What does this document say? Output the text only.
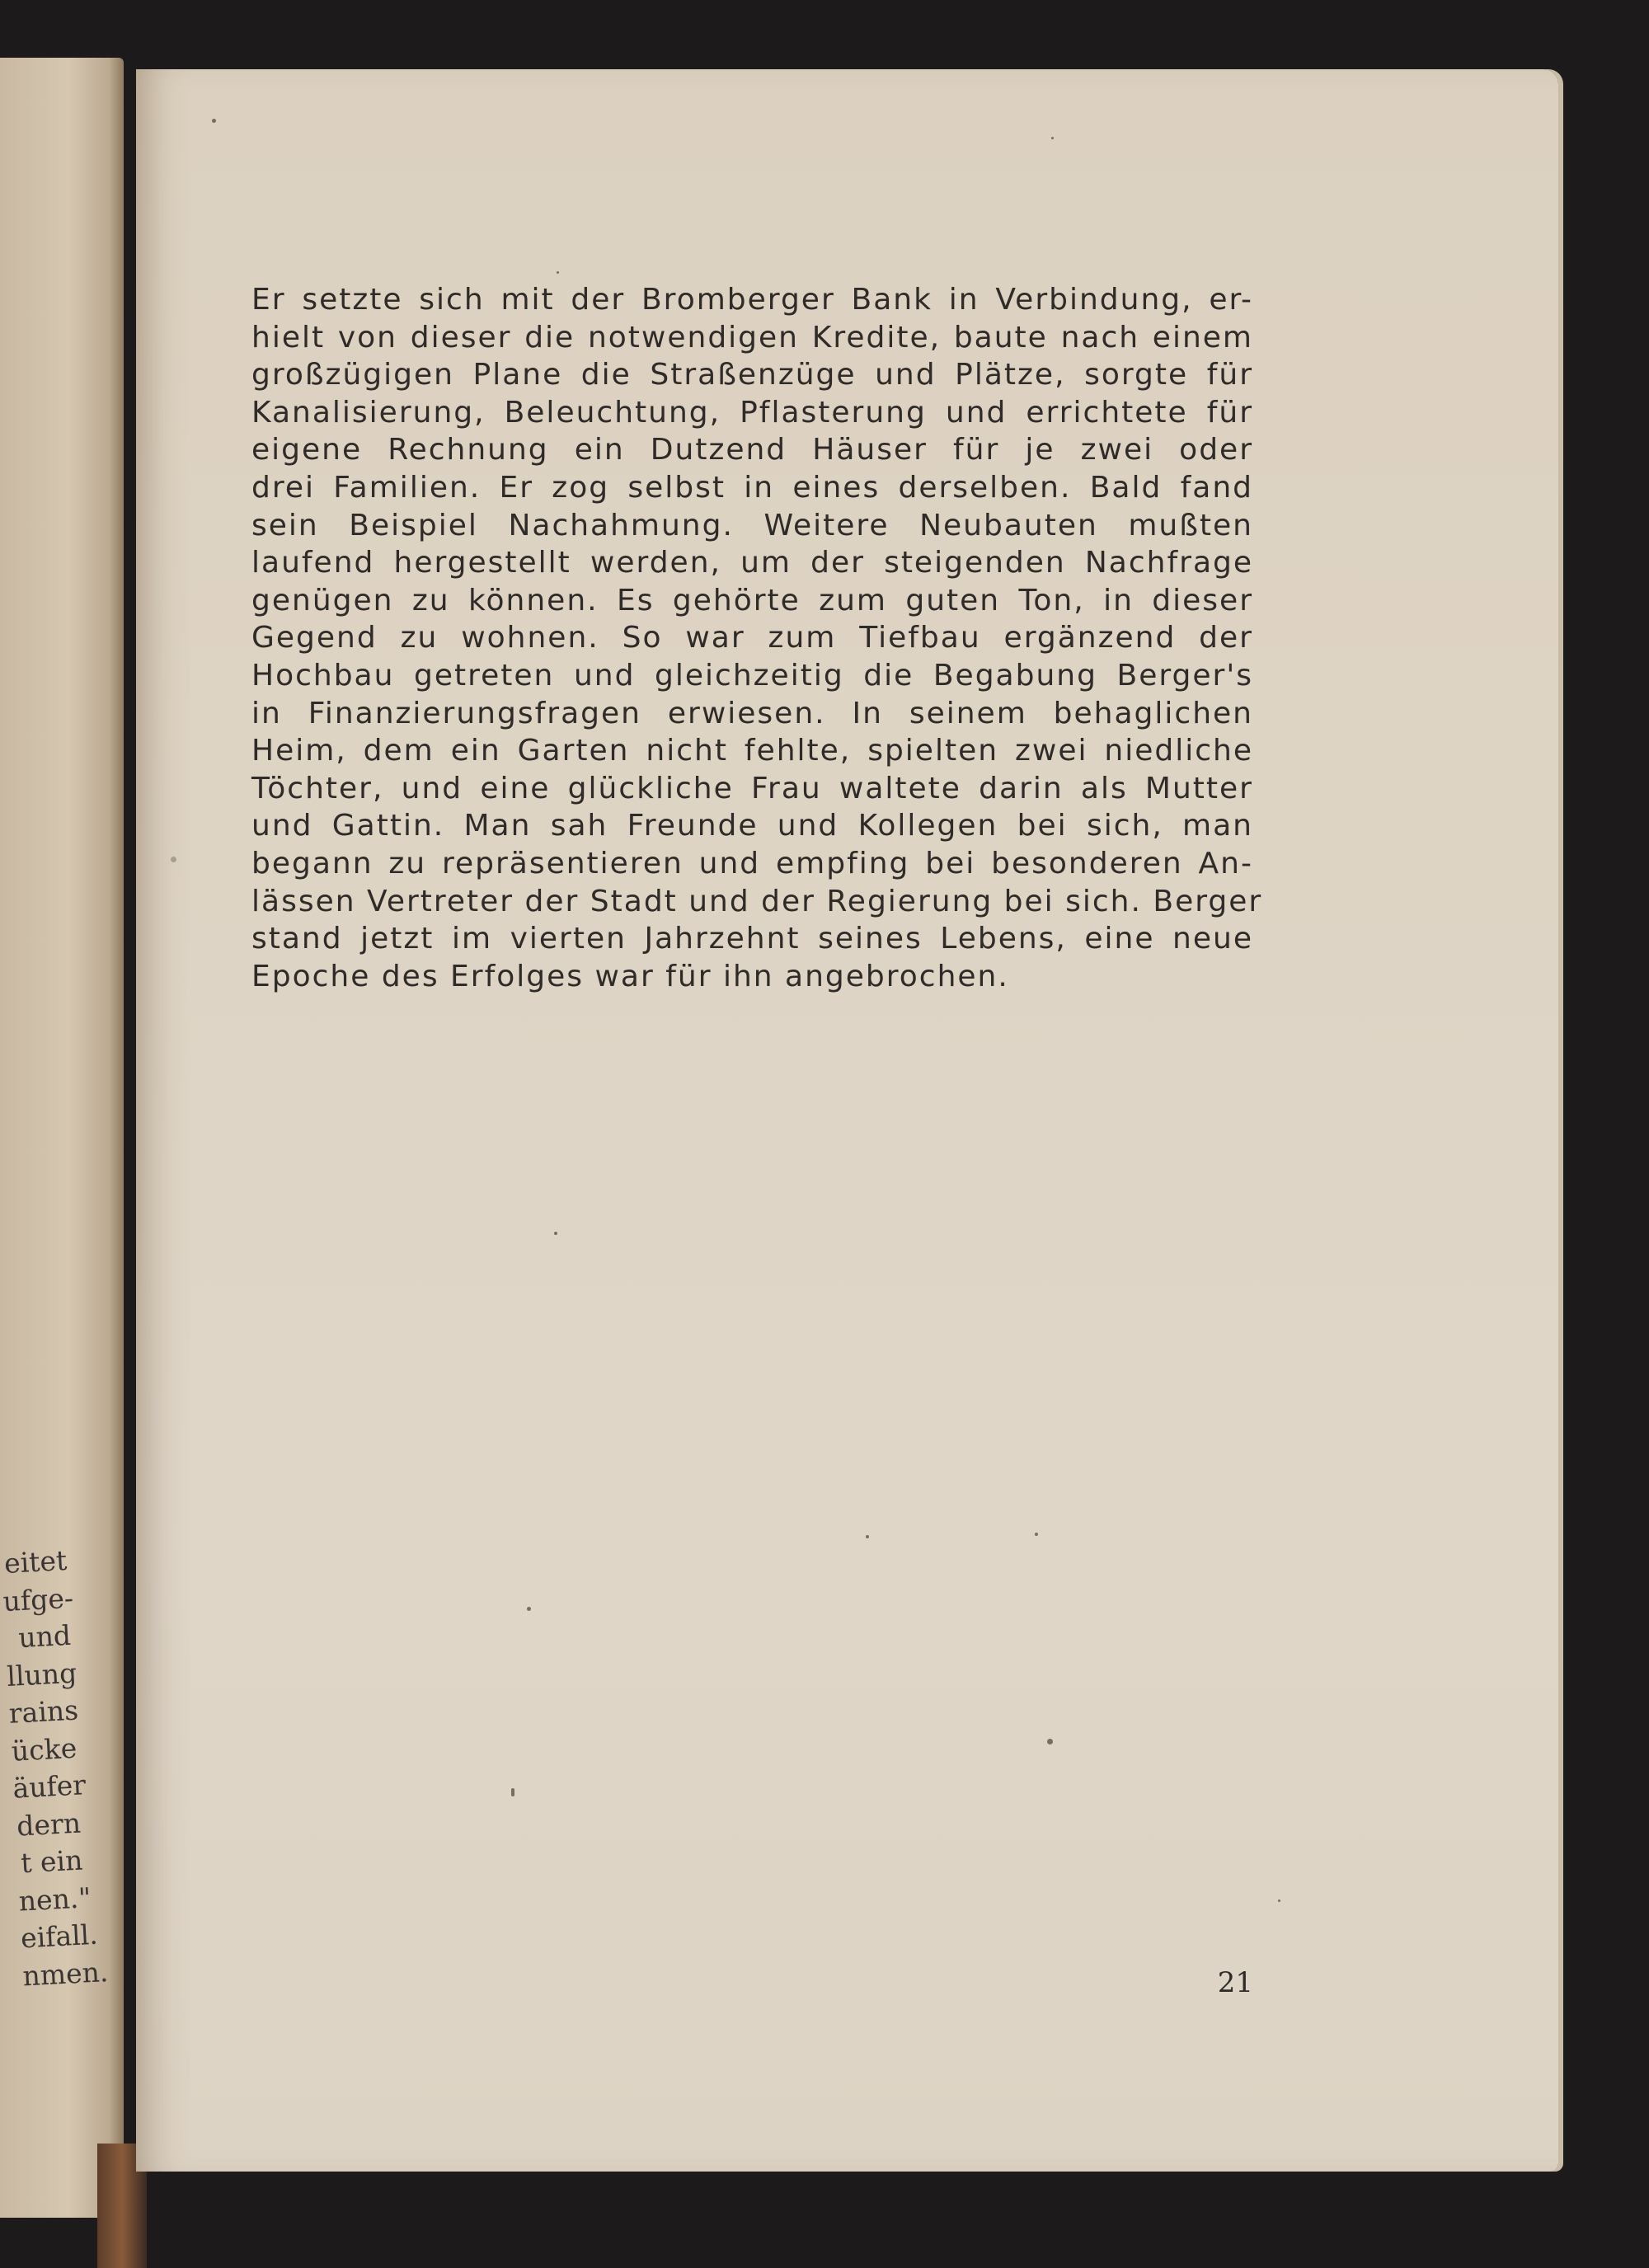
eitet
ufge-
und
llung
rains
ücke
äufer
dern
t ein
nen."
eifall.
nmen.
Er setzte sich mit der Bromberger Bank in Verbindung, er-
hielt von dieser die notwendigen Kredite, baute nach einem
großzügigen Plane die Straßenzüge und Plätze, sorgte für
Kanalisierung, Beleuchtung, Pflasterung und errichtete für
eigene Rechnung ein Dutzend Häuser für je zwei oder
drei Familien. Er zog selbst in eines derselben. Bald fand
sein Beispiel Nachahmung. Weitere Neubauten mußten
laufend hergestellt werden, um der steigenden Nachfrage
genügen zu können. Es gehörte zum guten Ton, in dieser
Gegend zu wohnen. So war zum Tiefbau ergänzend der
Hochbau getreten und gleichzeitig die Begabung Berger's
in Finanzierungsfragen erwiesen. In seinem behaglichen
Heim, dem ein Garten nicht fehlte, spielten zwei niedliche
Töchter, und eine glückliche Frau waltete darin als Mutter
und Gattin. Man sah Freunde und Kollegen bei sich, man
begann zu repräsentieren und empfing bei besonderen An-
lässen Vertreter der Stadt und der Regierung bei sich. Berger
stand jetzt im vierten Jahrzehnt seines Lebens, eine neue
Epoche des Erfolges war für ihn angebrochen.
21
